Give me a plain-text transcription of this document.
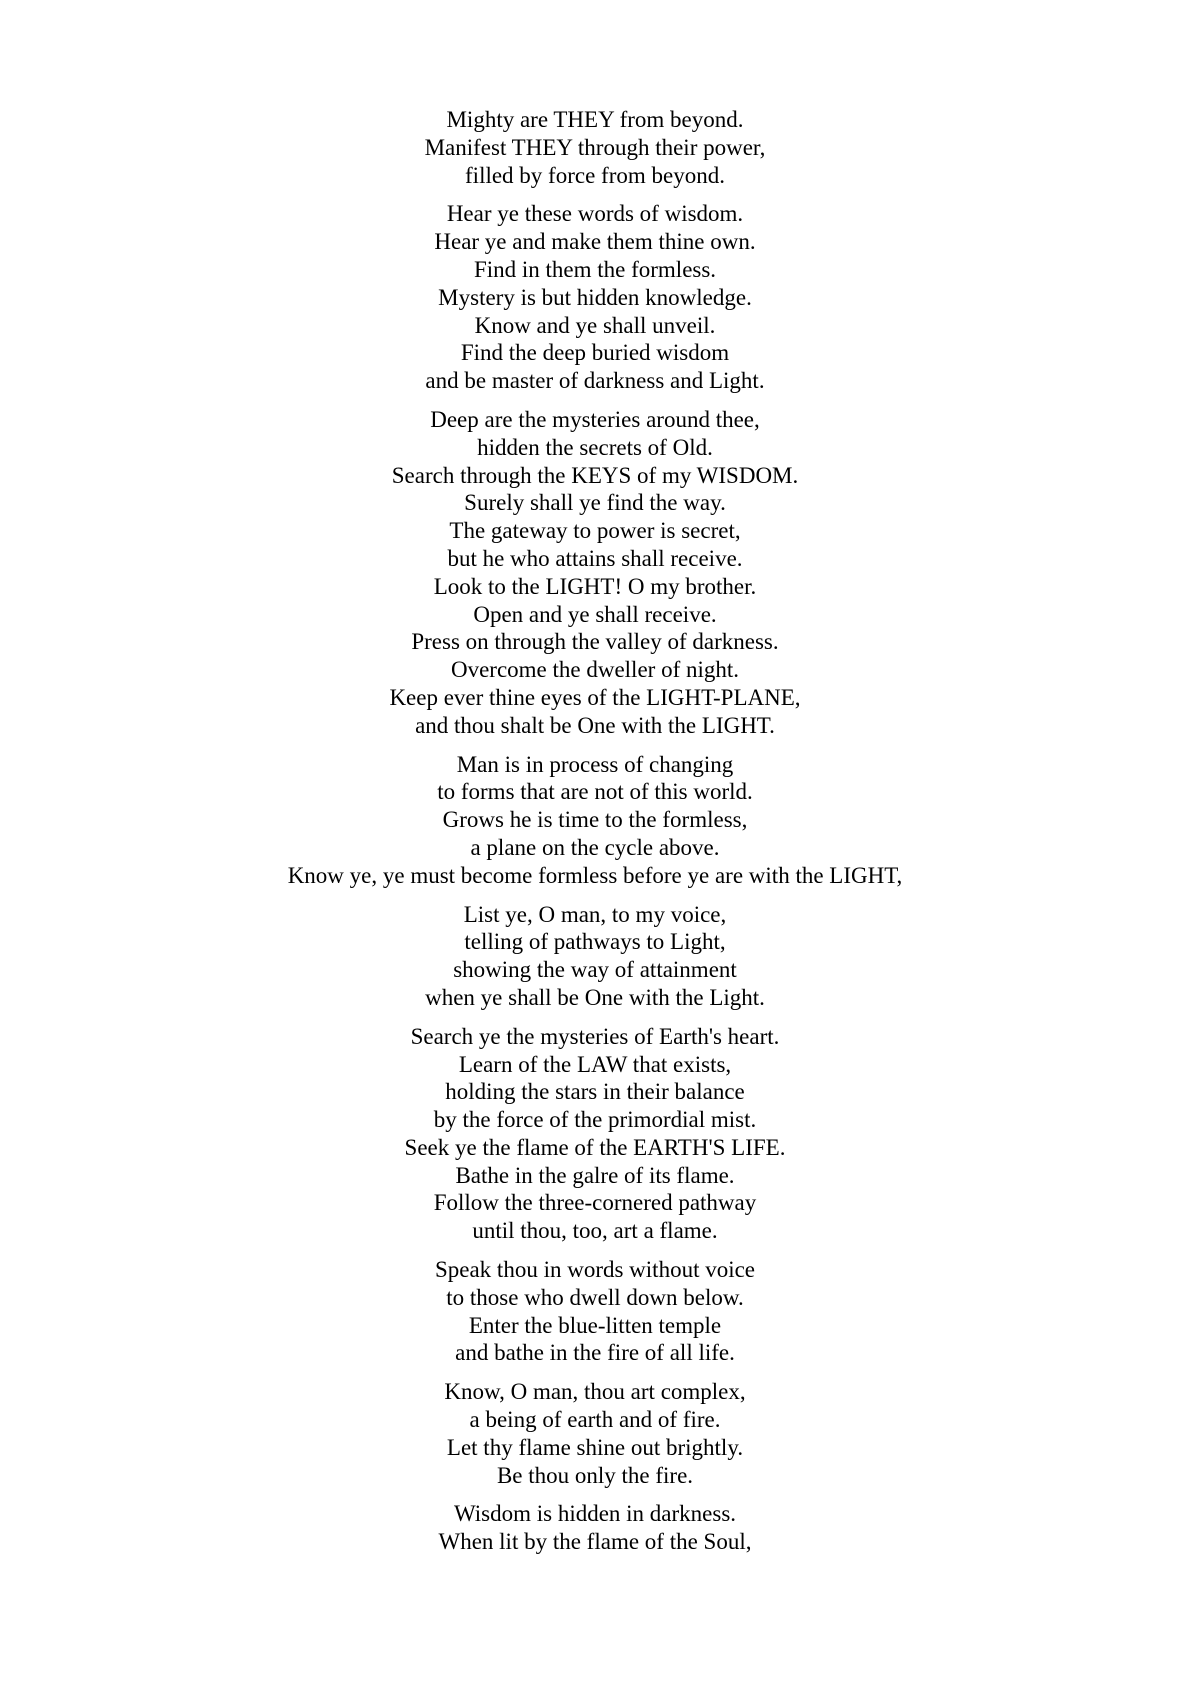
Mighty are THEY from beyond.
Manifest THEY through their power,
filled by force from beyond.
Hear ye these words of wisdom.
Hear ye and make them thine own.
Find in them the formless.
Mystery is but hidden knowledge.
Know and ye shall unveil.
Find the deep buried wisdom
and be master of darkness and Light.
Deep are the mysteries around thee,
hidden the secrets of Old.
Search through the KEYS of my WISDOM.
Surely shall ye find the way.
The gateway to power is secret,
but he who attains shall receive.
Look to the LIGHT! O my brother.
Open and ye shall receive.
Press on through the valley of darkness.
Overcome the dweller of night.
Keep ever thine eyes of the LIGHT-PLANE,
and thou shalt be One with the LIGHT.
Man is in process of changing
to forms that are not of this world.
Grows he is time to the formless,
a plane on the cycle above.
Know ye, ye must become formless before ye are with the LIGHT,
List ye, O man, to my voice,
telling of pathways to Light,
showing the way of attainment
when ye shall be One with the Light.
Search ye the mysteries of Earth's heart.
Learn of the LAW that exists,
holding the stars in their balance
by the force of the primordial mist.
Seek ye the flame of the EARTH'S LIFE.
Bathe in the galre of its flame.
Follow the three-cornered pathway
until thou, too, art a flame.
Speak thou in words without voice
to those who dwell down below.
Enter the blue-litten temple
and bathe in the fire of all life.
Know, O man, thou art complex,
a being of earth and of fire.
Let thy flame shine out brightly.
Be thou only the fire.
Wisdom is hidden in darkness.
When lit by the flame of the Soul,
